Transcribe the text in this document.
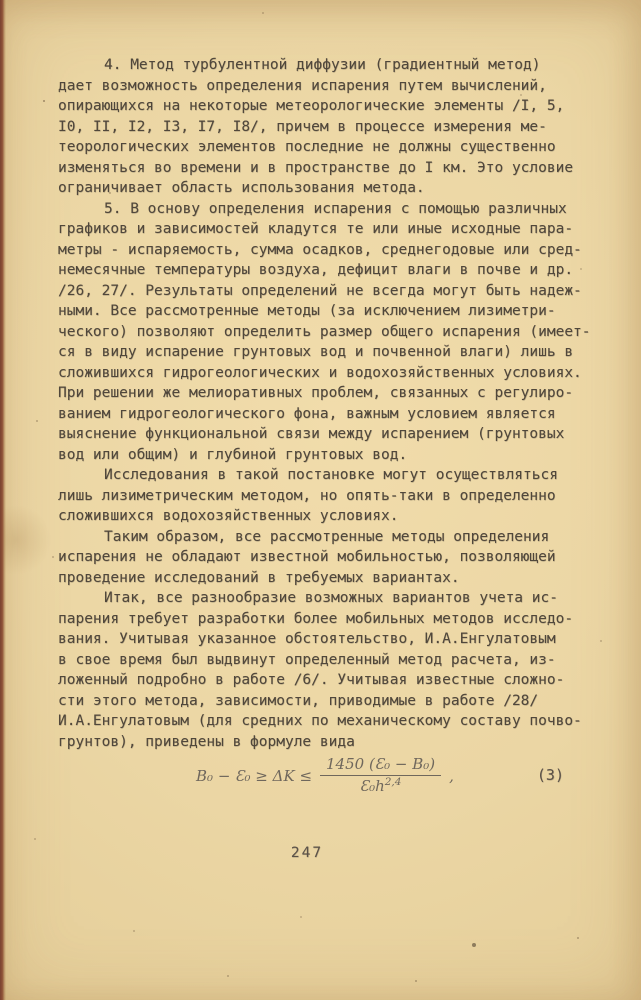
4. Метод турбулентной диффузии (градиентный метод)
дает возможность определения испарения путем вычислений,
опирающихся на некоторые метеорологические элементы /I, 5,
I0, II, I2, I3, I7, I8/, причем в процессе измерения ме-
теорологических элементов последние не должны существенно
изменяться во времени и в пространстве до I км. Это условие
ограничивает область использования метода.
5. В основу определения испарения с помощью различных
графиков и зависимостей кладутся те или иные исходные пара-
метры - испаряемость, сумма осадков, среднегодовые или сред-
немесячные температуры воздуха, дефицит влаги в почве и др.
/26, 27/. Результаты определений не всегда могут быть надеж-
ными. Все рассмотренные методы (за исключением лизиметри-
ческого) позволяют определить размер общего испарения (имеет-
ся в виду испарение грунтовых вод и почвенной влаги) лишь в
сложившихся гидрогеологических и водохозяйственных условиях.
При решении же мелиоративных проблем, связанных с регулиро-
ванием гидрогеологического фона, важным условием является
выяснение функциональной связи между испарением (грунтовых
вод или общим) и глубиной грунтовых вод.
Исследования в такой постановке могут осуществляться
лишь лизиметрическим методом, но опять-таки в определенно
сложившихся водохозяйственных условиях.
Таким образом, все рассмотренные методы определения
испарения не обладают известной мобильностью, позволяющей
проведение исследований в требуемых вариантах.
Итак, все разнообразие возможных вариантов учета ис-
парения требует разработки более мобильных методов исследо-
вания. Учитывая указанное обстоятельство, И.А.Енгулатовым
в свое время был выдвинут определенный метод расчета, из-
ложенный подробно в работе /6/. Учитывая известные сложно-
сти этого метода, зависимости, приводимые в работе /28/
И.А.Енгулатовым (для средних по механическому составу почво-
грунтов), приведены в формуле вида
B₀ − Ɛ₀ ≥ $\Delta K \le \frac{\text{1450 (Ɛ₀ − B₀)}}{Ɛ_0h^{2,4}}$ ,	(3)
247
